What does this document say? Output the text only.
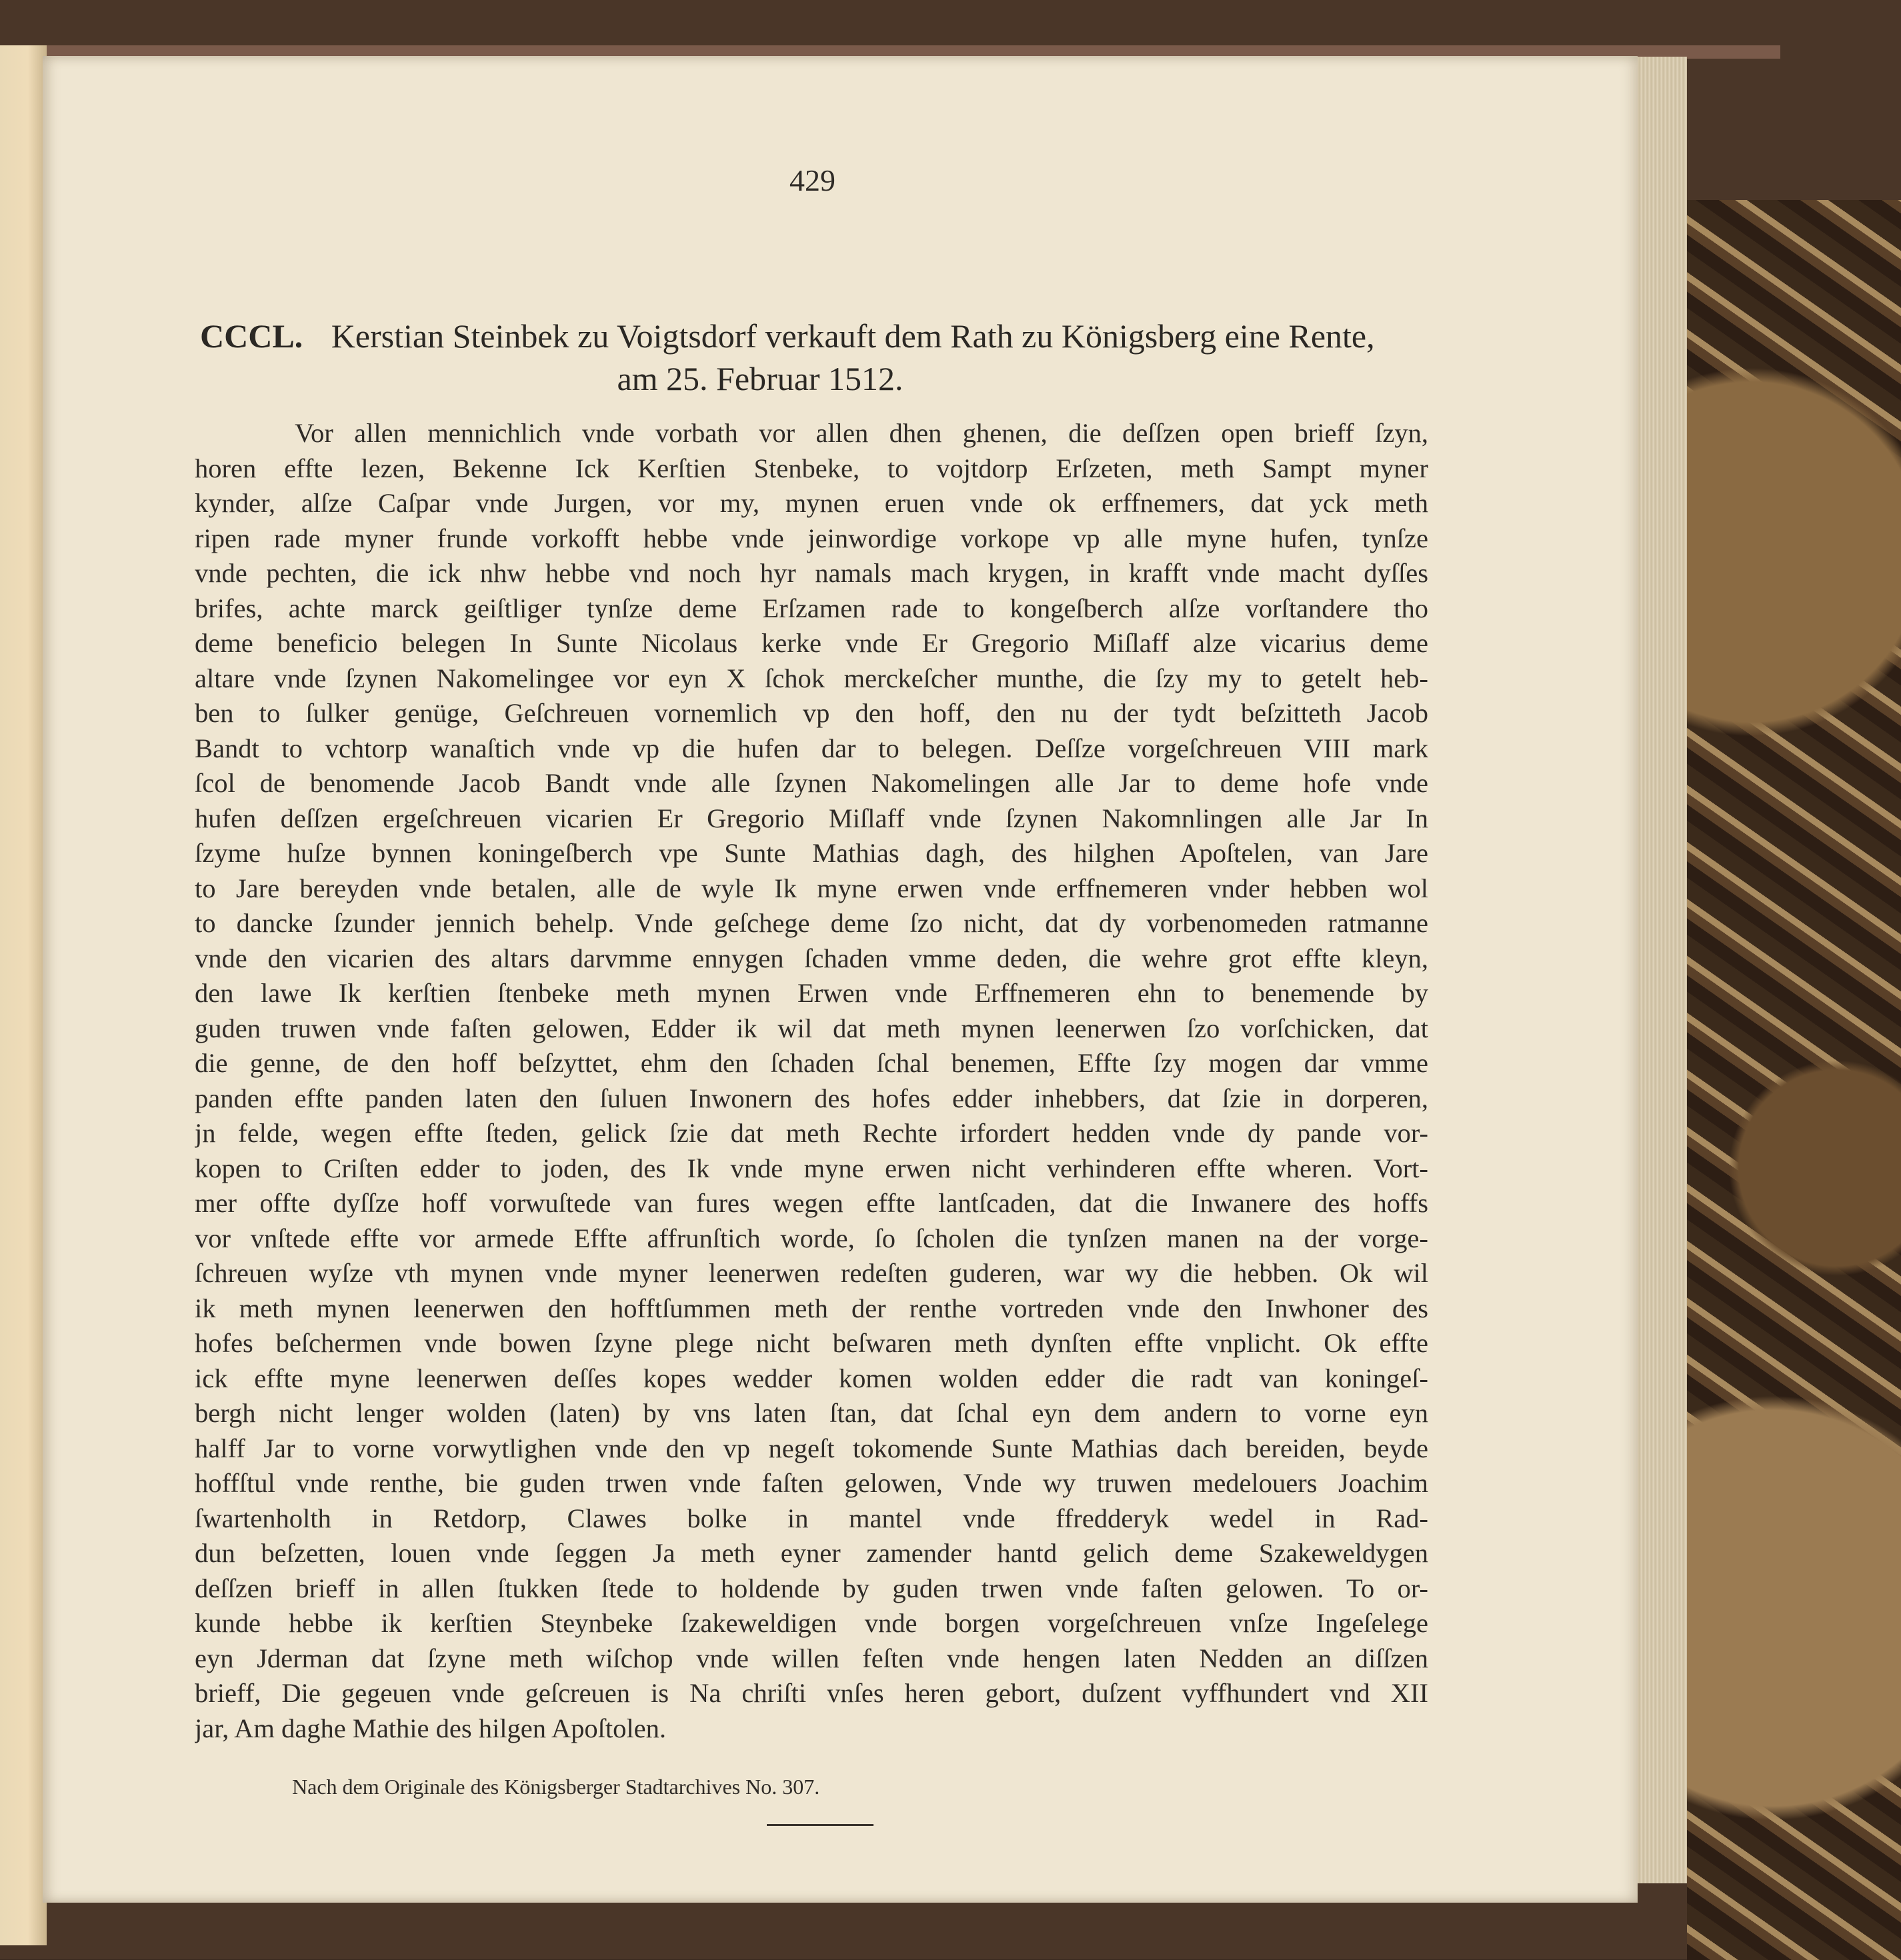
429
CCCL. Kerstian Steinbek zu Voigtsdorf verkauft dem Rath zu Königsberg eine Rente,
am 25. Februar 1512.
Vor allen mennichlich vnde vorbath vor allen dhen ghenen, die deſſzen open brieff ſzyn,
horen effte lezen, Bekenne Ick Kerſtien Stenbeke, to vojtdorp Erſzeten, meth Sampt myner
kynder, alſze Caſpar vnde Jurgen, vor my, mynen eruen vnde ok erffnemers, dat yck meth
ripen rade myner frunde vorkofft hebbe vnde jeinwordige vorkope vp alle myne hufen, tynſze
vnde pechten, die ick nhw hebbe vnd noch hyr namals mach krygen, in krafft vnde macht dyſſes
brifes, achte marck geiſtliger tynſze deme Erſzamen rade to kongeſberch alſze vorſtandere tho
deme beneficio belegen In Sunte Nicolaus kerke vnde Er Gregorio Miſlaff alze vicarius deme
altare vnde ſzynen Nakomelingee vor eyn X ſchok merckeſcher munthe, die ſzy my to getelt heb-
ben to ſulker genüge, Geſchreuen vornemlich vp den hoff, den nu der tydt beſzitteth Jacob
Bandt to vchtorp wanaſtich vnde vp die hufen dar to belegen. Deſſze vorgeſchreuen VIII mark
ſcol de benomende Jacob Bandt vnde alle ſzynen Nakomelingen alle Jar to deme hofe vnde
hufen deſſzen ergeſchreuen vicarien Er Gregorio Miſlaff vnde ſzynen Nakomnlingen alle Jar In
ſzyme huſze bynnen koningeſberch vpe Sunte Mathias dagh, des hilghen Apoſtelen, van Jare
to Jare bereyden vnde betalen, alle de wyle Ik myne erwen vnde erffnemeren vnder hebben wol
to dancke ſzunder jennich behelp. Vnde geſchege deme ſzo nicht, dat dy vorbenomeden ratmanne
vnde den vicarien des altars darvmme ennygen ſchaden vmme deden, die wehre grot effte kleyn,
den lawe Ik kerſtien ſtenbeke meth mynen Erwen vnde Erffnemeren ehn to benemende by
guden truwen vnde faſten gelowen, Edder ik wil dat meth mynen leenerwen ſzo vorſchicken, dat
die genne, de den hoff beſzyttet, ehm den ſchaden ſchal benemen, Effte ſzy mogen dar vmme
panden effte panden laten den ſuluen Inwonern des hofes edder inhebbers, dat ſzie in dorperen,
jn felde, wegen effte ſteden, gelick ſzie dat meth Rechte irfordert hedden vnde dy pande vor-
kopen to Criſten edder to joden, des Ik vnde myne erwen nicht verhinderen effte wheren. Vort-
mer offte dyſſze hoff vorwuſtede van fures wegen effte lantſcaden, dat die Inwanere des hoffs
vor vnſtede effte vor armede Effte affrunſtich worde, ſo ſcholen die tynſzen manen na der vorge-
ſchreuen wyſze vth mynen vnde myner leenerwen redeſten guderen, war wy die hebben. Ok wil
ik meth mynen leenerwen den hofftſummen meth der renthe vortreden vnde den Inwhoner des
hofes beſchermen vnde bowen ſzyne plege nicht beſwaren meth dynſten effte vnplicht. Ok effte
ick effte myne leenerwen deſſes kopes wedder komen wolden edder die radt van koningeſ-
bergh nicht lenger wolden (laten) by vns laten ſtan, dat ſchal eyn dem andern to vorne eyn
halff Jar to vorne vorwytlighen vnde den vp negeſt tokomende Sunte Mathias dach bereiden, beyde
hoffſtul vnde renthe, bie guden trwen vnde faſten gelowen, Vnde wy truwen medelouers Joachim
ſwartenholth in Retdorp, Clawes bolke in mantel vnde ffredderyk wedel in Rad-
dun beſzetten, louen vnde ſeggen Ja meth eyner zamender hantd gelich deme Szakeweldygen
deſſzen brieff in allen ſtukken ſtede to holdende by guden trwen vnde faſten gelowen. To or-
kunde hebbe ik kerſtien Steynbeke ſzakeweldigen vnde borgen vorgeſchreuen vnſze Ingeſelege
eyn Jderman dat ſzyne meth wiſchop vnde willen feſten vnde hengen laten Nedden an diſſzen
brieff, Die gegeuen vnde geſcreuen is Na chriſti vnſes heren gebort, duſzent vyffhundert vnd XII
jar, Am daghe Mathie des hilgen Apoſtolen.
Nach dem Originale des Königsberger Stadtarchives No. 307.
